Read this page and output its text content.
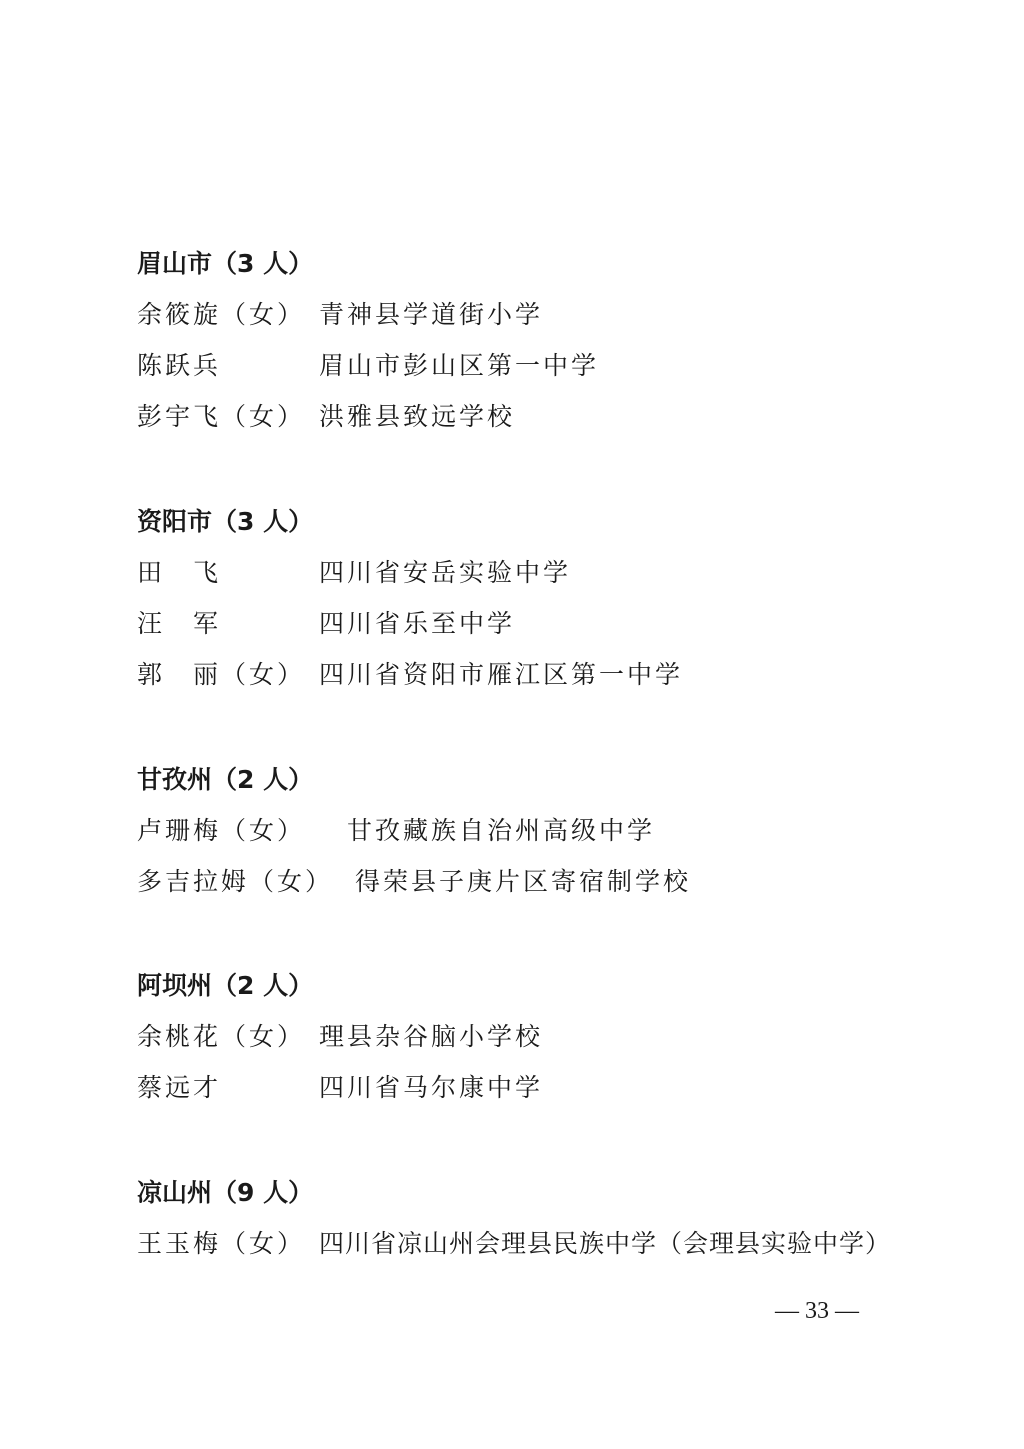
眉山市（3 人）
余筱旋（女） 青神县学道街小学
陈跃兵	眉山市彭山区第一中学
彭宇飞（女） 洪雅县致远学校
资阳市（3 人）
田　飞	四川省安岳实验中学
汪　军	四川省乐至中学
郭　丽（女） 四川省资阳市雁江区第一中学
甘孜州（2 人）
卢珊梅（女） 甘孜藏族自治州高级中学
多吉拉姆（女） 得荣县子庚片区寄宿制学校
阿坝州（2 人）
余桃花（女） 理县杂谷脑小学校
蔡远才	四川省马尔康中学
凉山州（9 人）
王玉梅（女） 四川省凉山州会理县民族中学（会理县实验中学）
— 33 —
